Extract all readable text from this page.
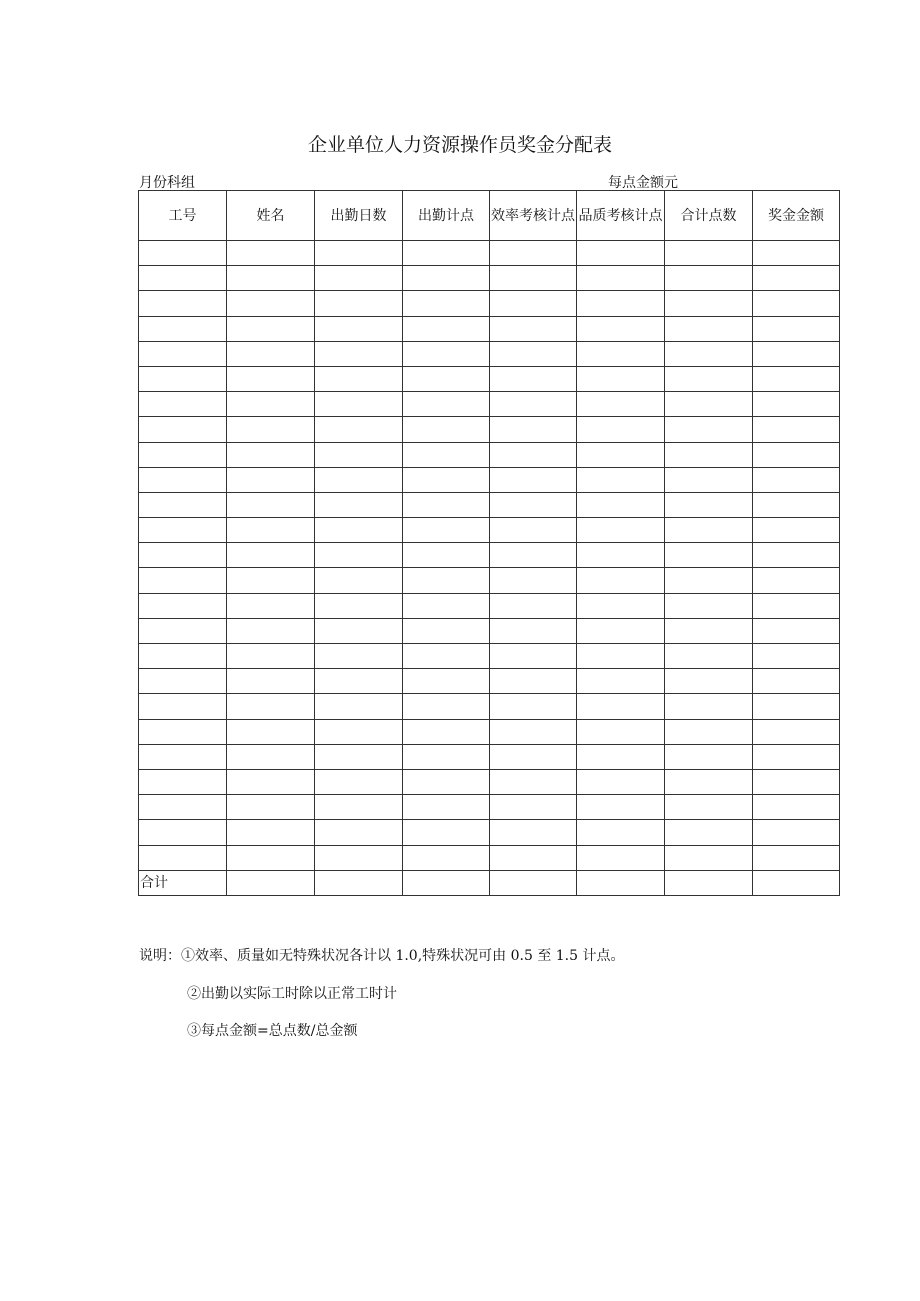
企业单位人力资源操作员奖金分配表
月份科组	每点金额元
工号	姓名	出勤日数	出勤计点	效率考核计点	品质考核计点	合计点数	奖金金额

合计							
说明：①效率、质量如无特殊状况各计以 1.0,特殊状况可由 0.5 至 1.5 计点。
②出勤以实际工时除以正常工时计
③每点金额=总点数/总金额
